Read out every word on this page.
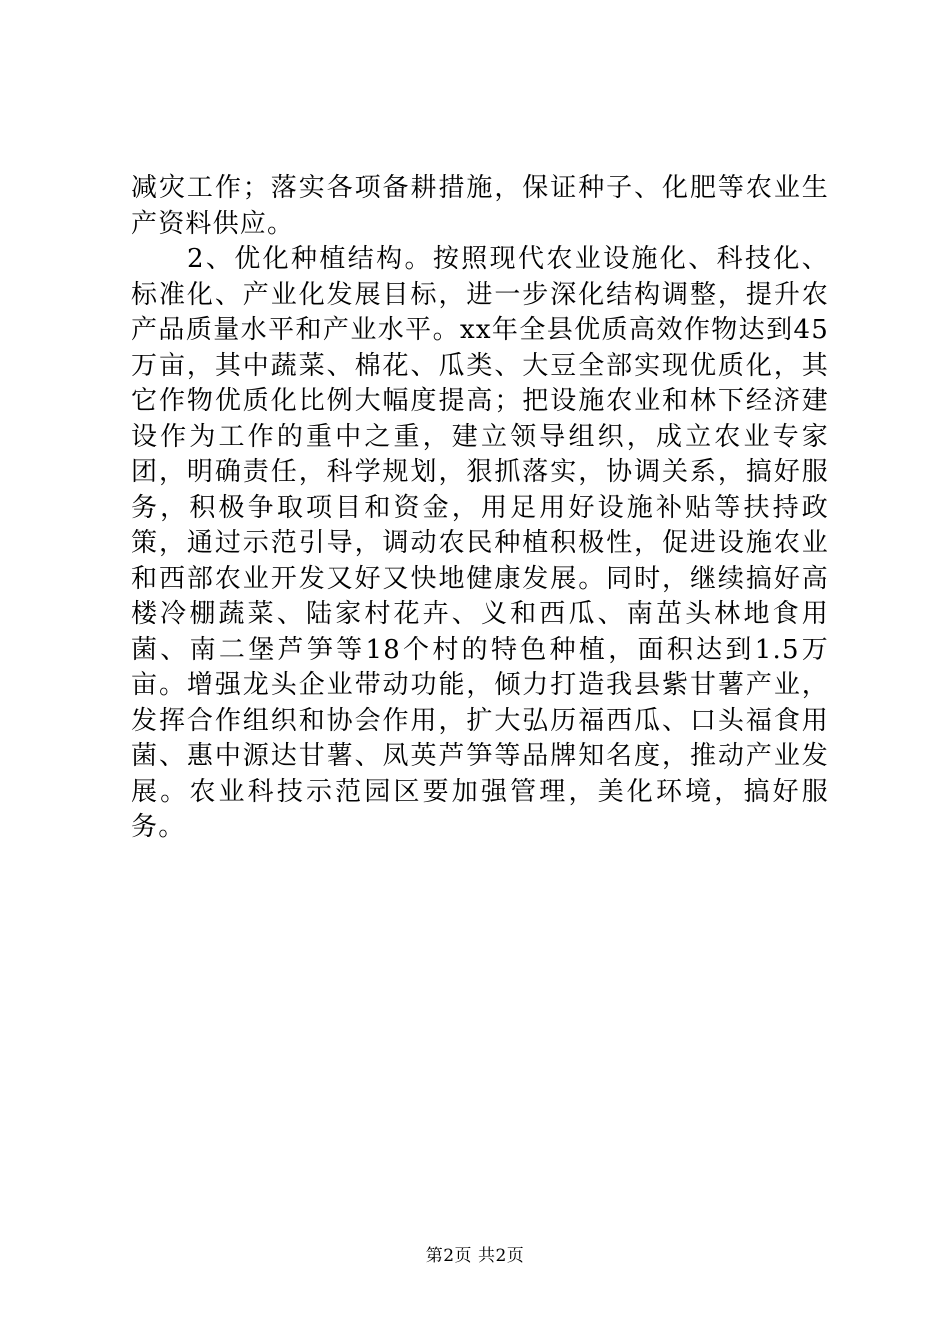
减灾工作；落实各项备耕措施，保证种子、化肥等农业生产资料供应。

2、优化种植结构。按照现代农业设施化、科技化、标准化、产业化发展目标，进一步深化结构调整，提升农产品质量水平和产业水平。xx年全县优质高效作物达到45万亩，其中蔬菜、棉花、瓜类、大豆全部实现优质化，其它作物优质化比例大幅度提高；把设施农业和林下经济建设作为工作的重中之重，建立领导组织，成立农业专家团，明确责任，科学规划，狠抓落实，协调关系，搞好服务，积极争取项目和资金，用足用好设施补贴等扶持政策，通过示范引导，调动农民种植积极性，促进设施农业和西部农业开发又好又快地健康发展。同时，继续搞好高楼冷棚蔬菜、陆家村花卉、义和西瓜、南茁头林地食用菌、南二堡芦笋等18个村的特色种植，面积达到1.5万亩。增强龙头企业带动功能，倾力打造我县紫甘薯产业，发挥合作组织和协会作用，扩大弘历福西瓜、口头福食用菌、惠中源达甘薯、凤英芦笋等品牌知名度，推动产业发展。农业科技示范园区要加强管理，美化环境，搞好服务。

第2页 共2页
